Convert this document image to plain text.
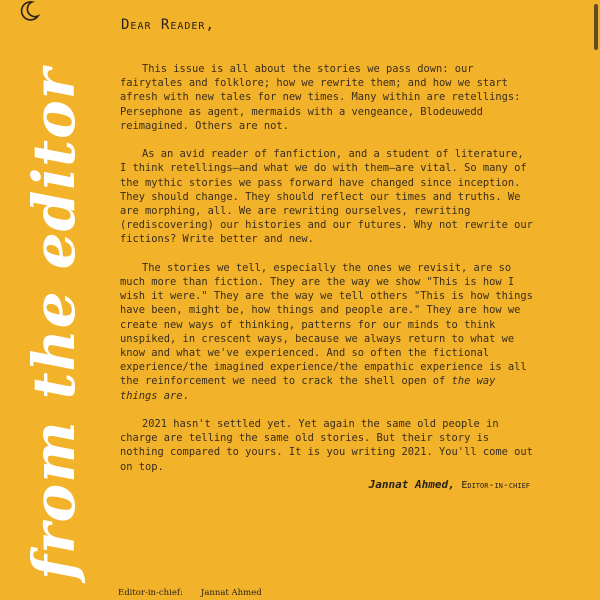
from the editor
Dear Reader,

This issue is all about the stories we pass down: our fairytales and folklore; how we rewrite them; and how we start afresh with new tales for new times. Many within are retellings: Persephone as agent, mermaids with a vengeance, Blodeuwedd reimagined. Others are not.

As an avid reader of fanfiction, and a student of literature, I think retellings—and what we do with them—are vital. So many of the mythic stories we pass forward have changed since inception. They should change. They should reflect our times and truths. We are morphing, all. We are rewriting ourselves, rewriting (rediscovering) our histories and our futures. Why not rewrite our fictions? Write better and new.

The stories we tell, especially the ones we revisit, are so much more than fiction. They are the way we show "This is how I wish it were." They are the way we tell others "This is how things have been, might be, how things and people are." They are how we create new ways of thinking, patterns for our minds to think unspiked, in crescent ways, because we always return to what we know and what we've experienced. And so often the fictional experience/the imagined experience/the empathic experience is all the reinforcement we need to crack the shell open of the way things are.

2021 hasn't settled yet. Yet again the same old people in charge are telling the same old stories. But their story is nothing compared to yours. It is you writing 2021. You'll come out on top.

Jannat Ahmed, Editor-in-chief
Editor-in-chief: Jannat Ahmed
